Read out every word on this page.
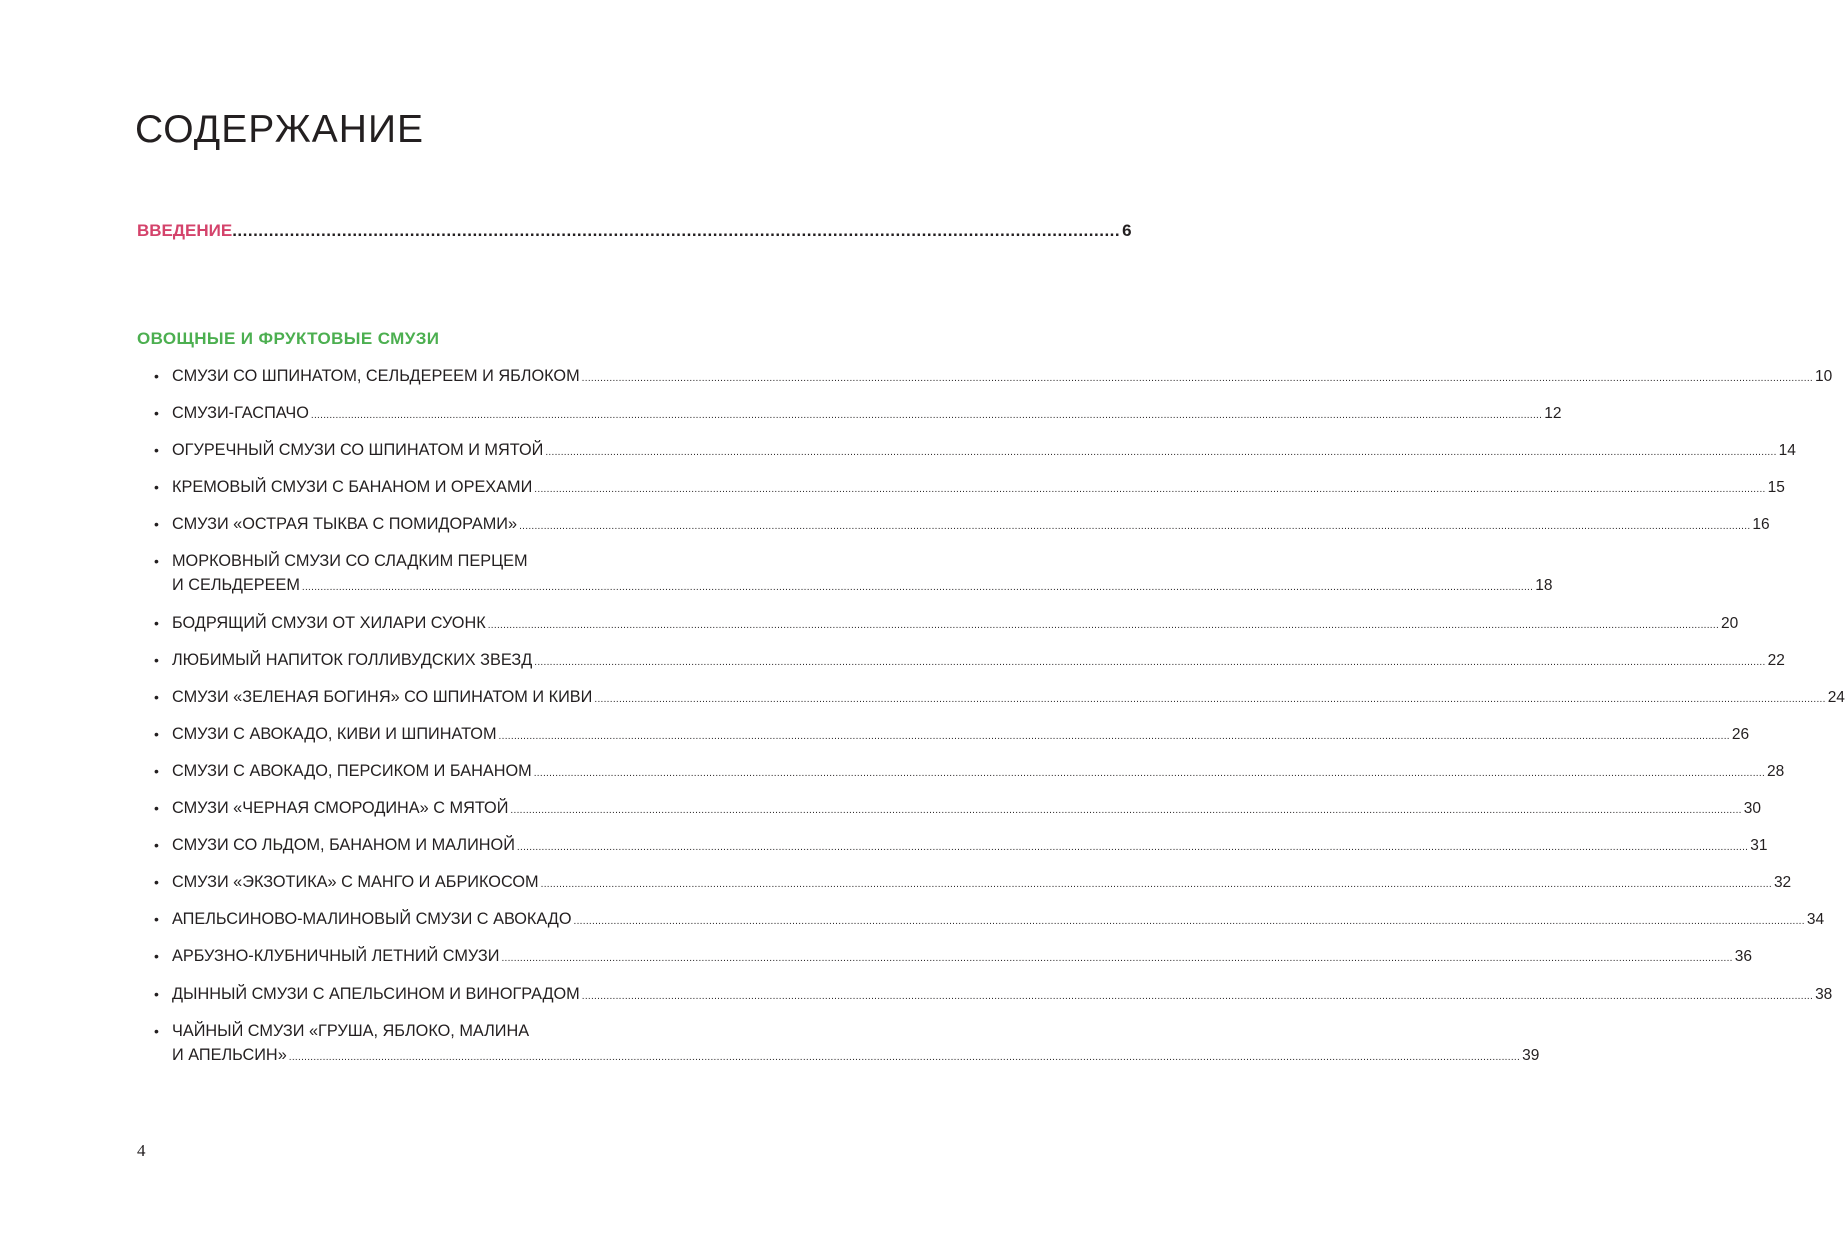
СОДЕРЖАНИЕ
ВВЕДЕНИЕ .......................................................................................................................................................................... 6
ОВОЩНЫЕ И ФРУКТОВЫЕ СМУЗИ
• СМУЗИ СО ШПИНАТОМ, СЕЛЬДЕРЕЕМ И ЯБЛОКОМ ................................................................................................................................................................................................................................................................................................................................................................................................................ 10
• СМУЗИ-ГАСПАЧО ................................................................................................................................................................................................................................................................................................................................................................................................................ 12
• ОГУРЕЧНЫЙ СМУЗИ СО ШПИНАТОМ И МЯТОЙ ................................................................................................................................................................................................................................................................................................................................................................................................................ 14
• КРЕМОВЫЙ СМУЗИ С БАНАНОМ И ОРЕХАМИ ................................................................................................................................................................................................................................................................................................................................................................................................................ 15
• СМУЗИ «ОСТРАЯ ТЫКВА С ПОМИДОРАМИ» ................................................................................................................................................................................................................................................................................................................................................................................................................ 16
• МОРКОВНЫЙ СМУЗИ СО СЛАДКИМ ПЕРЦЕМ
И СЕЛЬДЕРЕЕМ ................................................................................................................................................................................................................................................................................................................................................................................................................ 18
• БОДРЯЩИЙ СМУЗИ ОТ ХИЛАРИ СУОНК ................................................................................................................................................................................................................................................................................................................................................................................................................ 20
• ЛЮБИМЫЙ НАПИТОК ГОЛЛИВУДСКИХ ЗВЕЗД ................................................................................................................................................................................................................................................................................................................................................................................................................ 22
• СМУЗИ «ЗЕЛЕНАЯ БОГИНЯ» СО ШПИНАТОМ И КИВИ ................................................................................................................................................................................................................................................................................................................................................................................................................ 24
• СМУЗИ С АВОКАДО, КИВИ И ШПИНАТОМ ................................................................................................................................................................................................................................................................................................................................................................................................................ 26
• СМУЗИ С АВОКАДО, ПЕРСИКОМ И БАНАНОМ ................................................................................................................................................................................................................................................................................................................................................................................................................ 28
• СМУЗИ «ЧЕРНАЯ СМОРОДИНА» С МЯТОЙ ................................................................................................................................................................................................................................................................................................................................................................................................................ 30
• СМУЗИ СО ЛЬДОМ, БАНАНОМ И МАЛИНОЙ ................................................................................................................................................................................................................................................................................................................................................................................................................ 31
• СМУЗИ «ЭКЗОТИКА» С МАНГО И АБРИКОСОМ ................................................................................................................................................................................................................................................................................................................................................................................................................ 32
• АПЕЛЬСИНОВО-МАЛИНОВЫЙ СМУЗИ С АВОКАДО ................................................................................................................................................................................................................................................................................................................................................................................................................ 34
• АРБУЗНО-КЛУБНИЧНЫЙ ЛЕТНИЙ СМУЗИ ................................................................................................................................................................................................................................................................................................................................................................................................................ 36
• ДЫННЫЙ СМУЗИ С АПЕЛЬСИНОМ И ВИНОГРАДОМ ................................................................................................................................................................................................................................................................................................................................................................................................................ 38
• ЧАЙНЫЙ СМУЗИ «ГРУША, ЯБЛОКО, МАЛИНА
И АПЕЛЬСИН» ................................................................................................................................................................................................................................................................................................................................................................................................................ 39
4
